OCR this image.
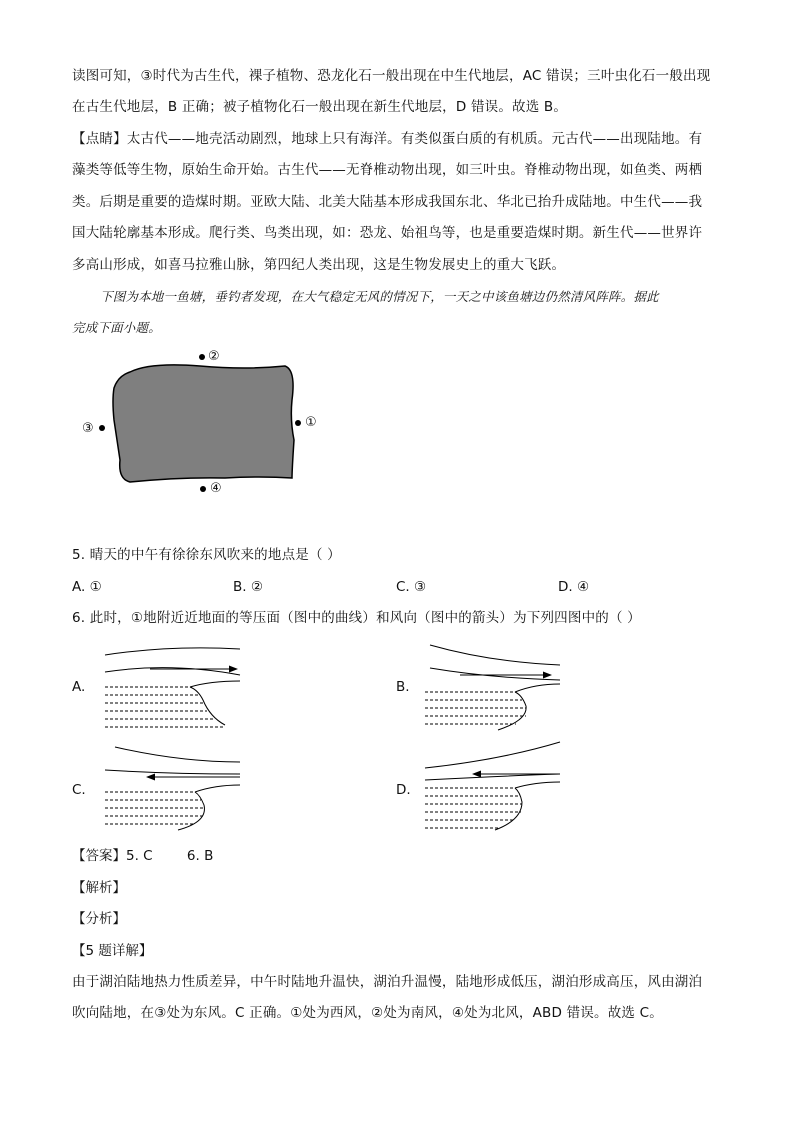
读图可知，③时代为古生代，裸子植物、恐龙化石一般出现在中生代地层，AC 错误；三叶虫化石一般出现
在古生代地层，B 正确；被子植物化石一般出现在新生代地层，D 错误。故选 B。
【点睛】太古代——地壳活动剧烈，地球上只有海洋。有类似蛋白质的有机质。元古代——出现陆地。有
藻类等低等生物，原始生命开始。古生代——无脊椎动物出现，如三叶虫。脊椎动物出现，如鱼类、两栖
类。后期是重要的造煤时期。亚欧大陆、北美大陆基本形成我国东北、华北已抬升成陆地。中生代——我
国大陆轮廓基本形成。爬行类、鸟类出现，如：恐龙、始祖鸟等，也是重要造煤时期。新生代——世界许
多高山形成，如喜马拉雅山脉，第四纪人类出现，这是生物发展史上的重大飞跃。
下图为本地一鱼塘，垂钓者发现，在大气稳定无风的情况下，一天之中该鱼塘边仍然清风阵阵。据此
完成下面小题。
②
③	①
④
5. 晴天的中午有徐徐东风吹来的地点是（ ）
A. ①	B. ②	C. ③	D. ④
6. 此时，①地附近近地面的等压面（图中的曲线）和风向（图中的箭头）为下列四图中的（ ）
A.	B.
C.	D.
【答案】5. C        6. B
【解析】
【分析】
【5 题详解】
由于湖泊陆地热力性质差异，中午时陆地升温快，湖泊升温慢，陆地形成低压，湖泊形成高压，风由湖泊
吹向陆地，在③处为东风。C 正确。①处为西风，②处为南风，④处为北风，ABD 错误。故选 C。
